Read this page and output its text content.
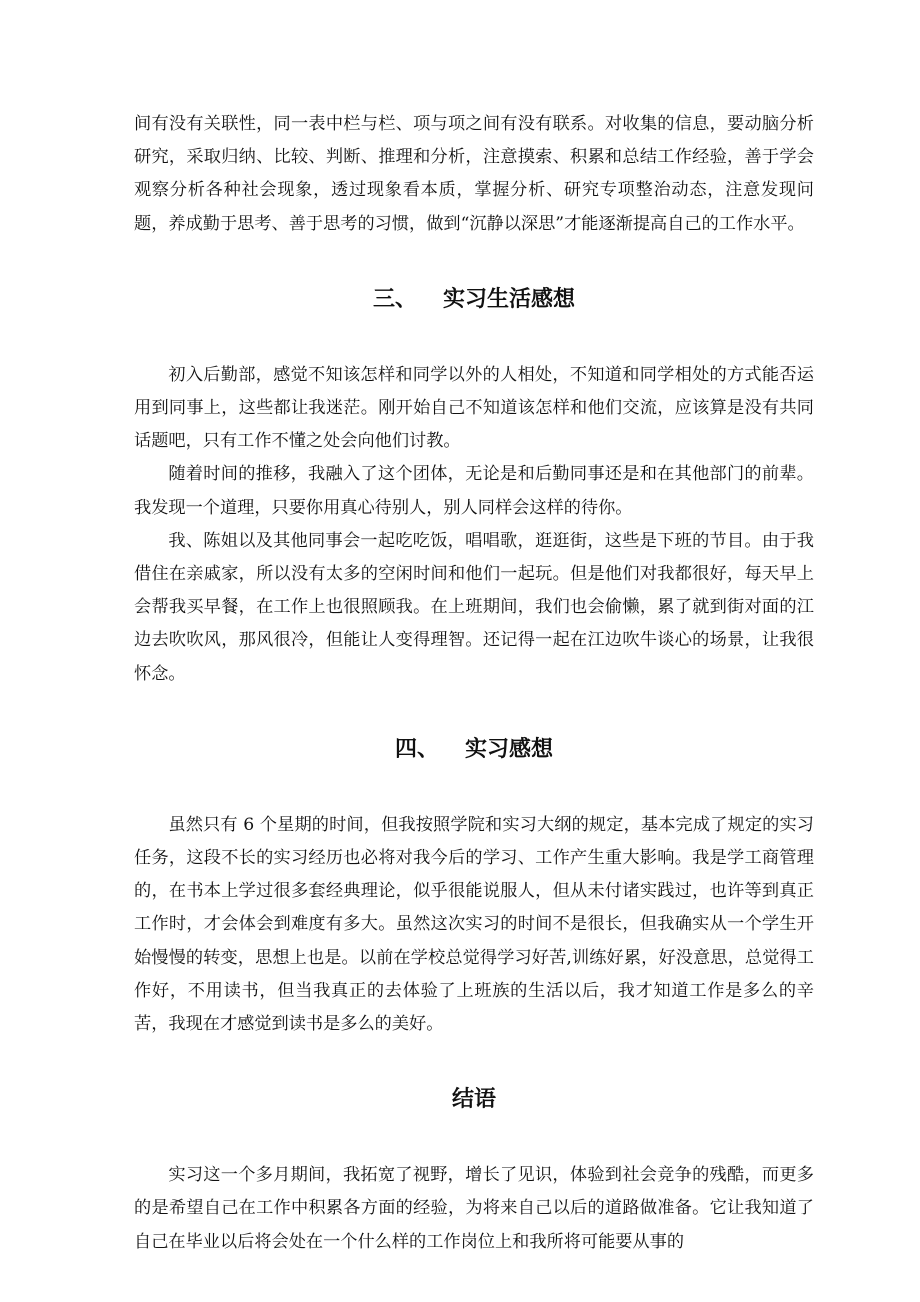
间有没有关联性，同一表中栏与栏、项与项之间有没有联系。对收集的信息，要动脑分析研究，采取归纳、比较、判断、推理和分析，注意摸索、积累和总结工作经验，善于学会观察分析各种社会现象，透过现象看本质，掌握分析、研究专项整治动态，注意发现问题，养成勤于思考、善于思考的习惯，做到“沉静以深思”才能逐渐提高自己的工作水平。

三、 实习生活感想

初入后勤部，感觉不知该怎样和同学以外的人相处，不知道和同学相处的方式能否运用到同事上，这些都让我迷茫。刚开始自己不知道该怎样和他们交流，应该算是没有共同话题吧，只有工作不懂之处会向他们讨教。

随着时间的推移，我融入了这个团体，无论是和后勤同事还是和在其他部门的前辈。我发现一个道理，只要你用真心待别人，别人同样会这样的待你。

我、陈姐以及其他同事会一起吃吃饭，唱唱歌，逛逛街，这些是下班的节目。由于我借住在亲戚家，所以没有太多的空闲时间和他们一起玩。但是他们对我都很好，每天早上会帮我买早餐，在工作上也很照顾我。在上班期间，我们也会偷懒，累了就到街对面的江边去吹吹风，那风很冷，但能让人变得理智。还记得一起在江边吹牛谈心的场景，让我很怀念。

四、 实习感想

虽然只有 6 个星期的时间，但我按照学院和实习大纲的规定，基本完成了规定的实习任务，这段不长的实习经历也必将对我今后的学习、工作产生重大影响。我是学工商管理的，在书本上学过很多套经典理论，似乎很能说服人，但从未付诸实践过，也许等到真正工作时，才会体会到难度有多大。虽然这次实习的时间不是很长，但我确实从一个学生开始慢慢的转变，思想上也是。以前在学校总觉得学习好苦,训练好累，好没意思，总觉得工作好，不用读书，但当我真正的去体验了上班族的生活以后，我才知道工作是多么的辛苦，我现在才感觉到读书是多么的美好。

结语

实习这一个多月期间，我拓宽了视野，增长了见识，体验到社会竞争的残酷，而更多的是希望自己在工作中积累各方面的经验，为将来自己以后的道路做准备。它让我知道了自己在毕业以后将会处在一个什么样的工作岗位上和我所将可能要从事的
